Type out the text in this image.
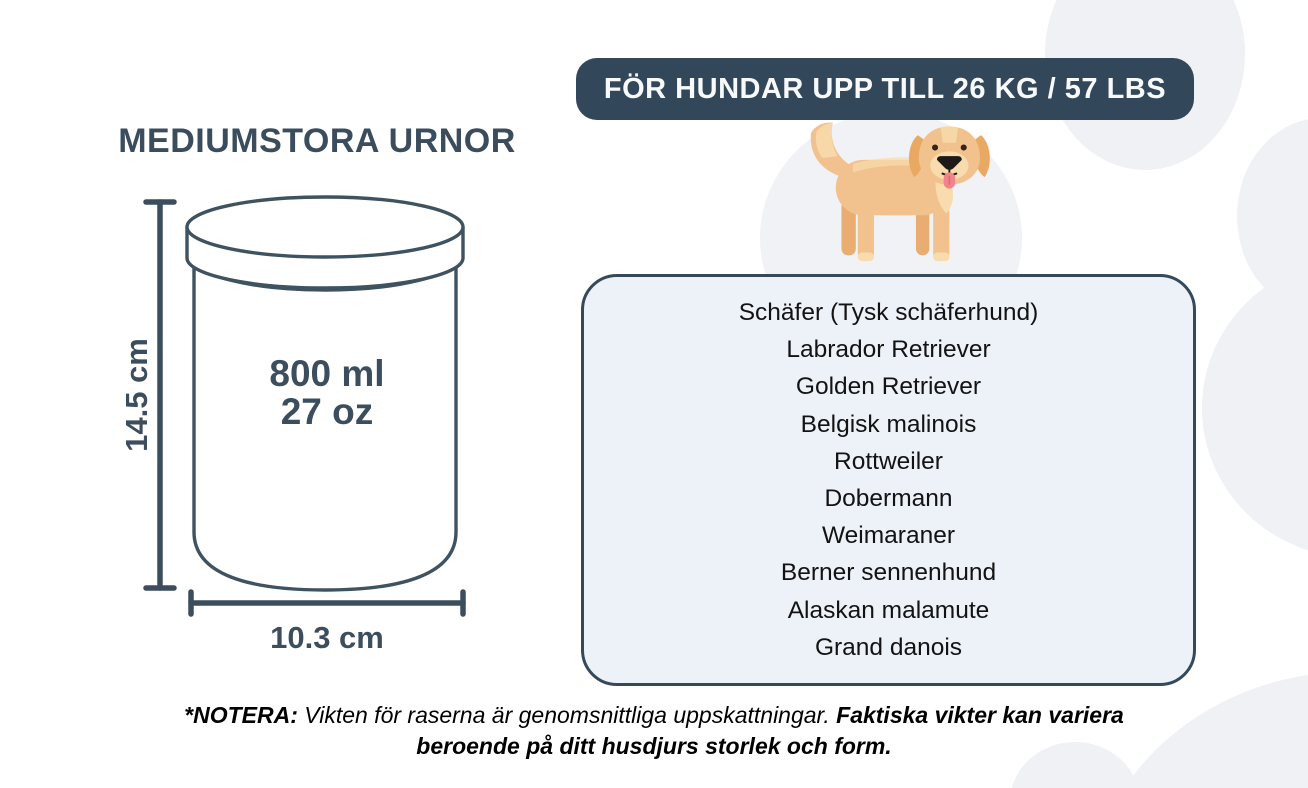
MEDIUMSTORA URNOR
800 ml
27 oz
14.5 cm
10.3 cm
FÖR HUNDAR UPP TILL 26 KG / 57 LBS
Schäfer (Tysk schäferhund)
Labrador Retriever
Golden Retriever
Belgisk malinois
Rottweiler
Dobermann
Weimaraner
Berner sennenhund
Alaskan malamute
Grand danois
*NOTERA: Vikten för raserna är genomsnittliga uppskattningar. Faktiska vikter kan variera
beroende på ditt husdjurs storlek och form.
